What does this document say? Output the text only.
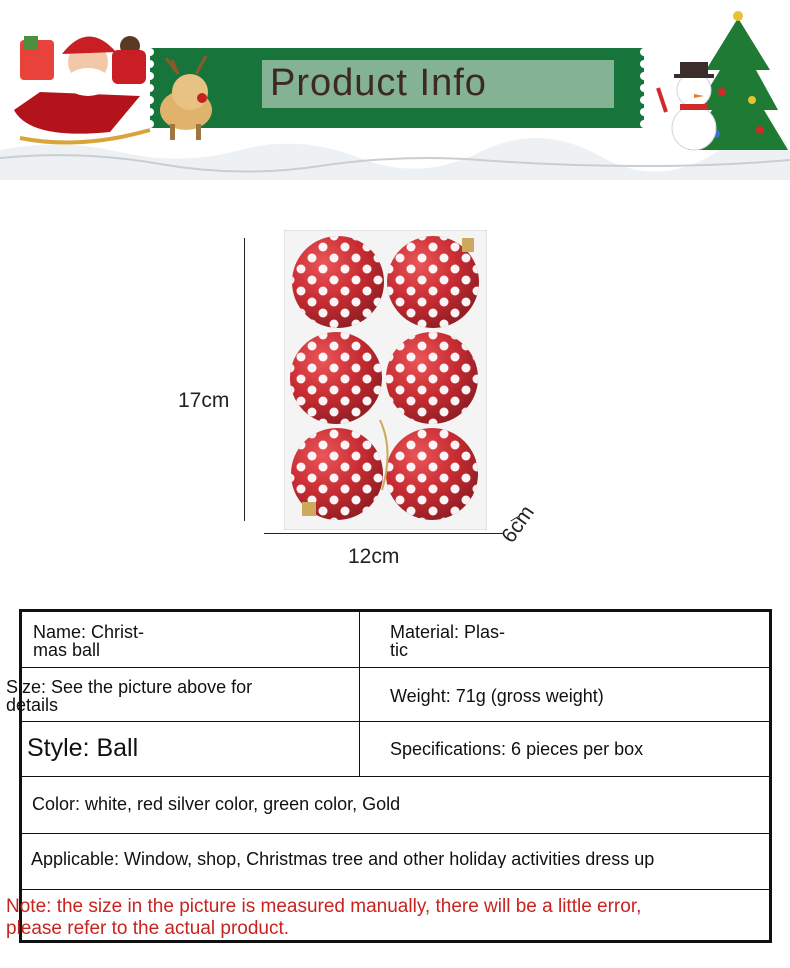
Product Info
17cm
12cm
6cm
Name: Christ-
mas ball
Material: Plas-
tic
Size: See the picture above for
details	Weight: 71g (gross weight)
Style: Ball	Specifications: 6 pieces per box
Color: white, red silver color, green color, Gold
Applicable: Window, shop, Christmas tree and other holiday activities dress up
Note: the size in the picture is measured manually, there will be a little error,
please refer to the actual product.
